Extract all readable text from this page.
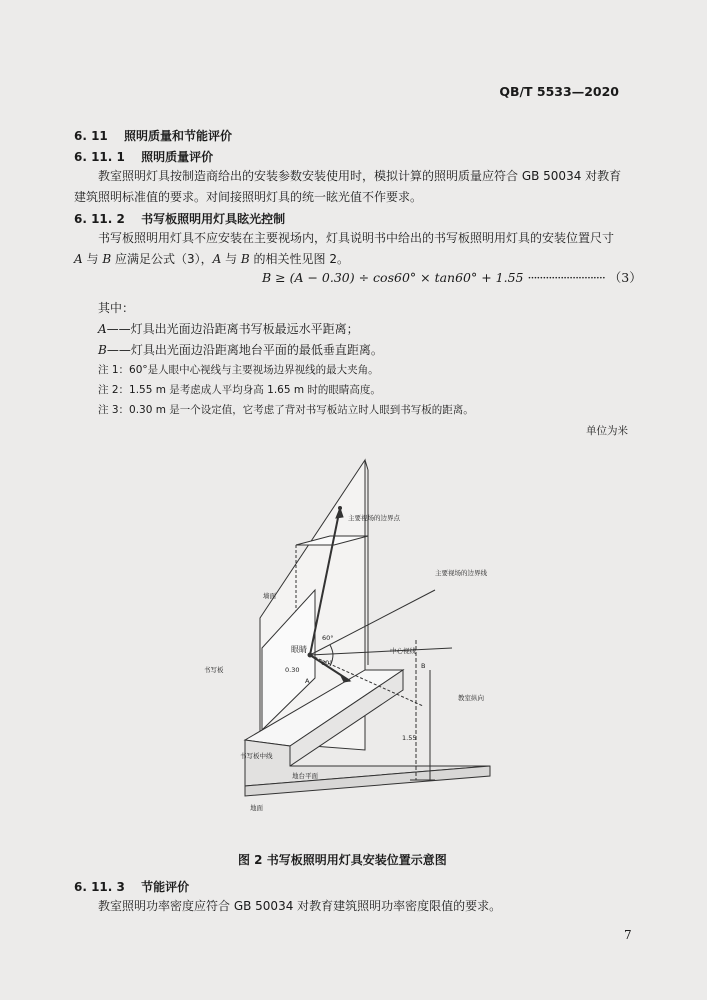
QB/T 5533—2020
6. 11 照明质量和节能评价
6. 11. 1 照明质量评价
教室照明灯具按制造商给出的安装参数安装使用时，模拟计算的照明质量应符合 GB 50034 对教育
建筑照明标准值的要求。对间接照明灯具的统一眩光值不作要求。
6. 11. 2 书写板照明用灯具眩光控制
书写板照明用灯具不应安装在主要视场内，灯具说明书中给出的书写板照明用灯具的安装位置尺寸
A 与 B 应满足公式（3），A 与 B 的相关性见图 2。
B ≥ (A − 0.30) ÷ cos60° × tan60° + 1.55 ·························· （3）
其中：
A——灯具出光面边沿距离书写板最远水平距离；
B——灯具出光面边沿距离地台平面的最低垂直距离。
注 1：60°是人眼中心视线与主要视场边界视线的最大夹角。
注 2：1.55 m 是考虑成人平均身高 1.65 m 时的眼睛高度。
注 3：0.30 m 是一个设定值，它考虑了背对书写板站立时人眼到书写板的距离。
单位为米
主要视场的边界点
主要视场的边界线
墙面
眼睛
60°
60°
中心视线
书写板	0.30
A
B
教室纵向
1.55
书写板中线
地台平面
地面
图 2 书写板照明用灯具安装位置示意图
6. 11. 3 节能评价
教室照明功率密度应符合 GB 50034 对教育建筑照明功率密度限值的要求。
7
